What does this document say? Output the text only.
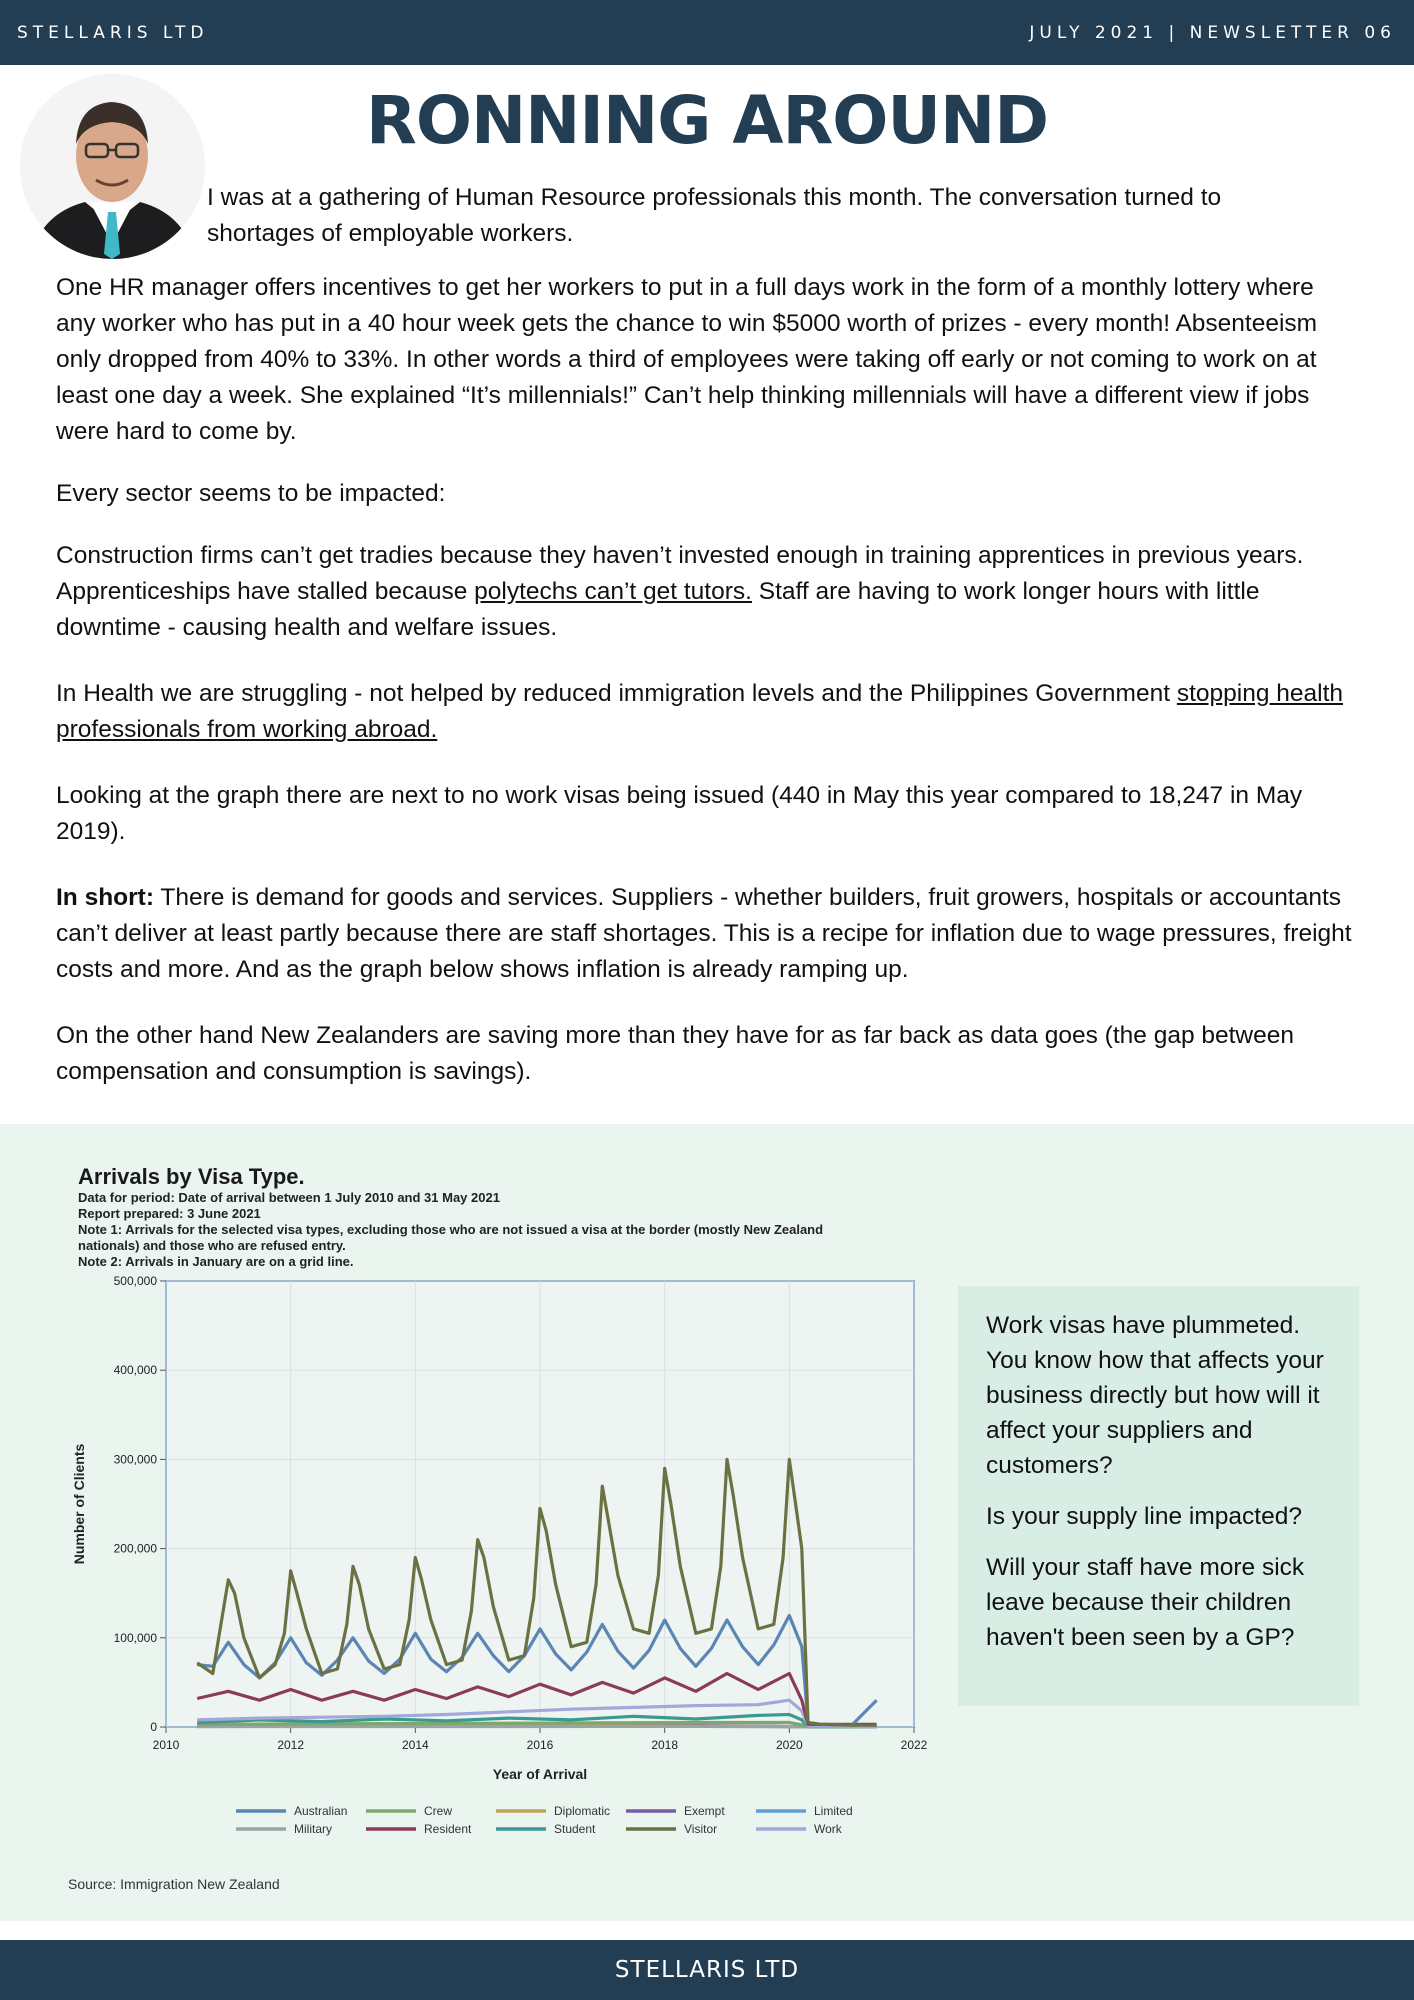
STELLARIS LTD	JULY 2021 | NEWSLETTER 06
RONNING AROUND

I was at a gathering of Human Resource professionals this month. The conversation turned to shortages of employable workers.

One HR manager offers incentives to get her workers to put in a full days work in the form of a monthly lottery where any worker who has put in a 40 hour week gets the chance to win $5000 worth of prizes - every month! Absenteeism only dropped from 40% to 33%. In other words a third of employees were taking off early or not coming to work on at least one day a week. She explained “It’s millennials!” Can’t help thinking millennials will have a different view if jobs were hard to come by.

Every sector seems to be impacted:

Construction firms can’t get tradies because they haven’t invested enough in training apprentices in previous years. Apprenticeships have stalled because polytechs can’t get tutors. Staff are having to work longer hours with little downtime - causing health and welfare issues.

In Health we are struggling - not helped by reduced immigration levels and the Philippines Government stopping health professionals from working abroad.

Looking at the graph there are next to no work visas being issued (440 in May this year compared to 18,247 in May 2019).

In short: There is demand for goods and services. Suppliers - whether builders, fruit growers, hospitals or accountants can’t deliver at least partly because there are staff shortages. This is a recipe for inflation due to wage pressures, freight costs and more. And as the graph below shows inflation is already ramping up.

On the other hand New Zealanders are saving more than they have for as far back as data goes (the gap between compensation and consumption is savings).

Arrivals by Visa Type.
Data for period: Date of arrival between 1 July 2010 and 31 May 2021
Report prepared: 3 June 2021
Note 1: Arrivals for the selected visa types, excluding those who are not issued a visa at the border (mostly New Zealand
nationals) and those who are refused entry.
Note 2: Arrivals in January are on a grid line.
2010	2012	2014	2016	2018	2020	2022
0
100,000
200,000
300,000
400,000
500,000
Year of Arrival
Number of Clients
Australian	Crew	Diplomatic	Exempt	Limited
Military	Resident	Student	Visitor	Work
Source: Immigration New Zealand

Work visas have plummeted. You know how that affects your business directly but how will it affect your suppliers and customers?

Is your supply line impacted?

Will your staff have more sick leave because their children haven't been seen by a GP?

STELLARIS LTD
